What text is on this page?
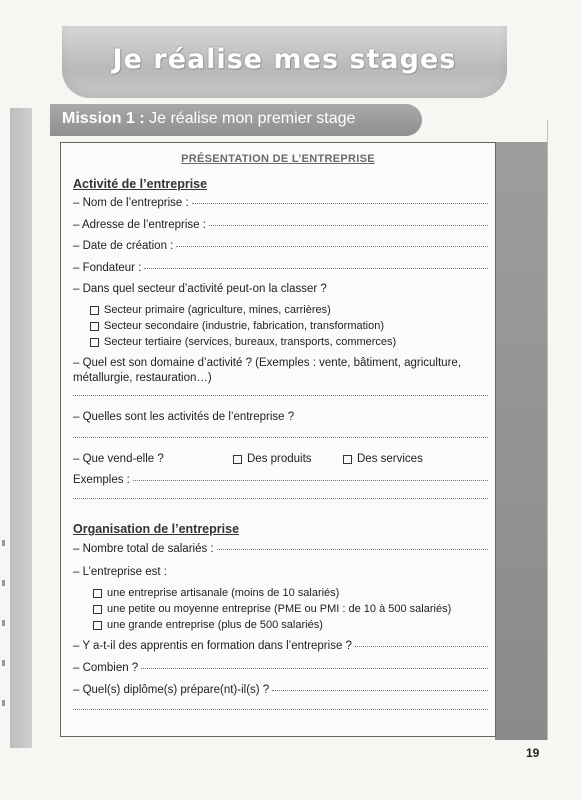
Je réalise mes stages
Mission 1 : Je réalise mon premier stage
PRÉSENTATION DE L’ENTREPRISE
Activité de l’entreprise
– Nom de l’entreprise :
– Adresse de l’entreprise :
– Date de création :
– Fondateur :
– Dans quel secteur d’activité peut-on la classer ?
Secteur primaire (agriculture, mines, carrières)
Secteur secondaire (industrie, fabrication, transformation)
Secteur tertiaire (services, bureaux, transports, commerces)
– Quel est son domaine d’activité ? (Exemples : vente, bâtiment, agriculture, métallurgie, restauration…)
– Quelles sont les activités de l’entreprise ?
– Que vend-elle ?	Des produits	Des services
Exemples :
Organisation de l’entreprise
– Nombre total de salariés :
– L’entreprise est :
une entreprise artisanale (moins de 10 salariés)
une petite ou moyenne entreprise (PME ou PMI : de 10 à 500 salariés)
une grande entreprise (plus de 500 salariés)
– Y a-t-il des apprentis en formation dans l’entreprise ?
– Combien ?
– Quel(s) diplôme(s) prépare(nt)-il(s) ?
19
